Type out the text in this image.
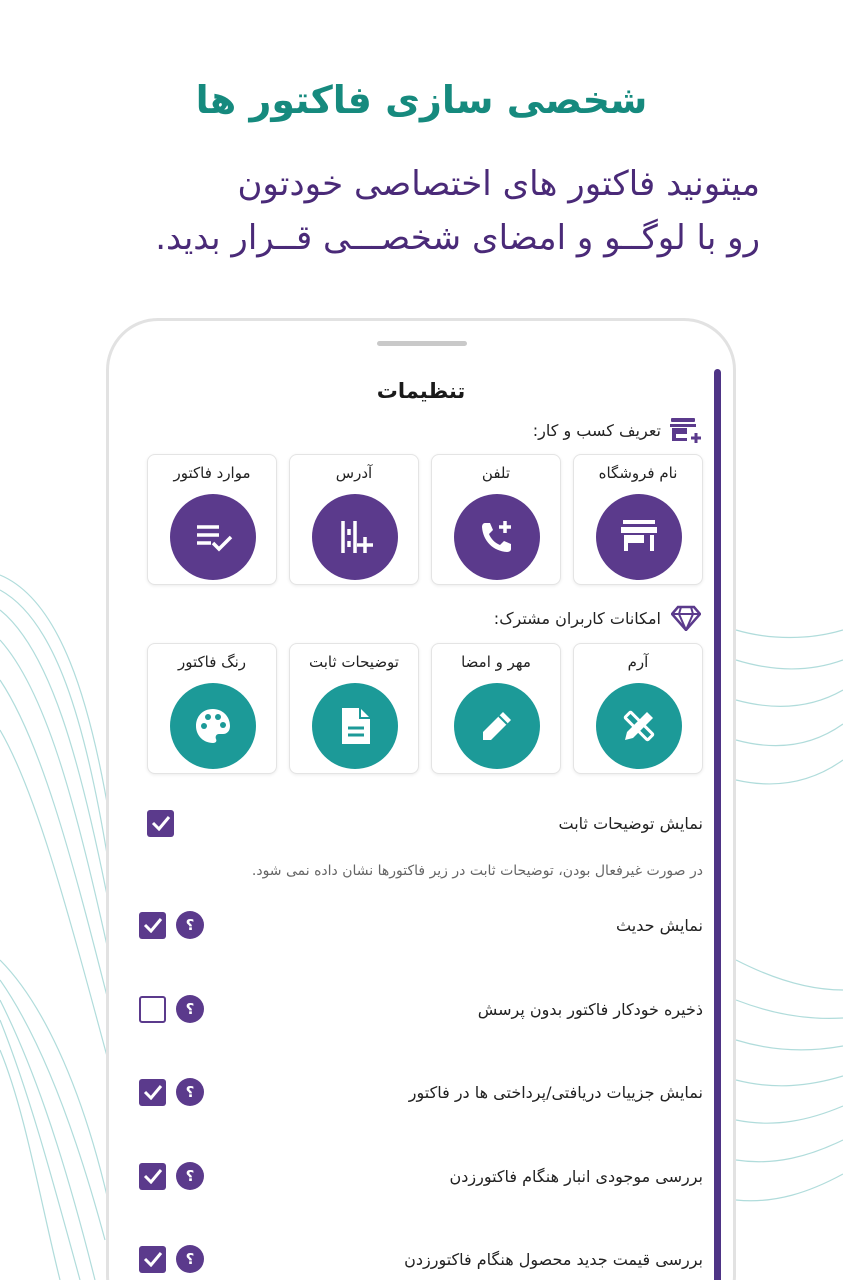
شخصی سازی فاکتور ها
میتونید فاکتور های اختصاصی خودتون
رو با لوگــو و امضای شخصـــی قــرار بدید.
تنظیمات
تعریف کسب و کار:
نام فروشگاه
تلفن
آدرس
موارد فاکتور
امکانات کاربران مشترک:
آرم
مهر و امضا
توضیحات ثابت
رنگ فاکتور
نمایش توضیحات ثابت
در صورت غیرفعال بودن، توضیحات ثابت در زیر فاکتورها نشان داده نمی شود.
نمایش حدیث
؟
ذخیره خودکار فاکتور بدون پرسش
؟
نمایش جزییات دریافتی/پرداختی ها در فاکتور
؟
بررسی موجودی انبار هنگام فاکتورزدن
؟
بررسی قیمت جدید محصول هنگام فاکتورزدن
؟
